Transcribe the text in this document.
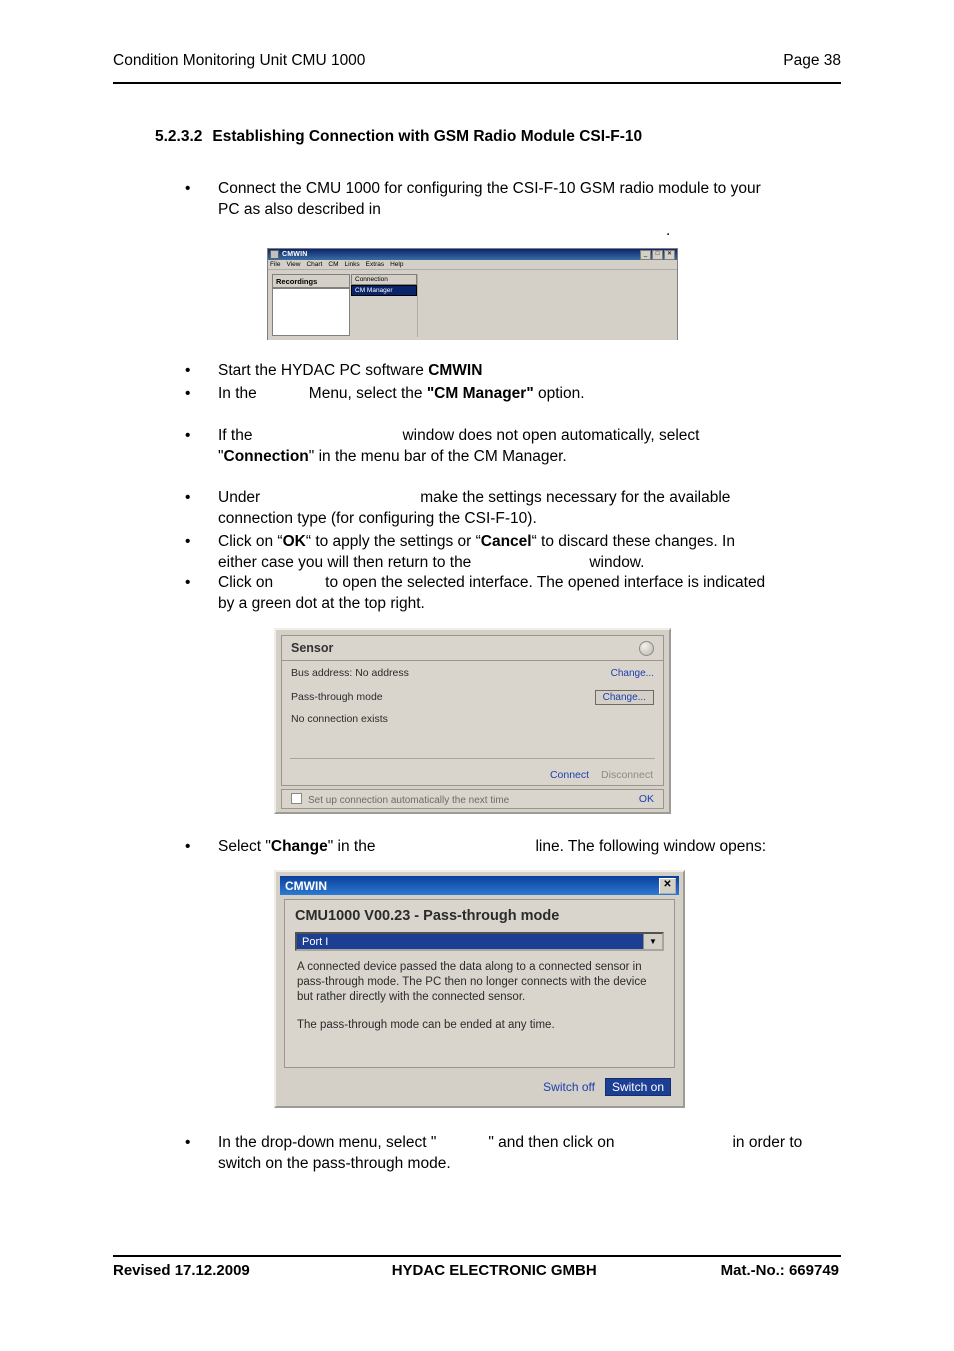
Condition Monitoring Unit CMU 1000	Page 38
5.2.3.2 Establishing Connection with GSM Radio Module CSI-F-10
•	Connect the CMU 1000 for configuring the CSI-F-10 GSM radio module to your
PC as also described in
.
CMWIN	_	□	✕
File View Chart CM Links Extras Help
Recordings	Connection
CM Manager
•	Start the HYDAC PC software CMWIN
•	In the	Menu, select the "CM Manager" option.
•	If the	window does not open automatically, select
"Connection" in the menu bar of the CM Manager.
•	Under	make the settings necessary for the available
connection type (for configuring the CSI-F-10).
•	Click on “OK“ to apply the settings or “Cancel“ to discard these changes. In
either case you will then return to the	window.
•	Click on	to open the selected interface. The opened interface is indicated
by a green dot at the top right.
Sensor
Bus address: No address	Change...
Pass-through mode	Change...
No connection exists
Connect Disconnect
Set up connection automatically the next time	OK
•	Select "Change" in the	line. The following window opens:
CMWIN	✕
CMU1000 V00.23 - Pass-through mode
Port I	▼
A connected device passed the data along to a connected sensor in pass-through mode. The PC then no longer connects with the device but rather directly with the connected sensor.
The pass-through mode can be ended at any time.
Switch off	Switch on
•	In the drop-down menu, select "	" and then click on	in order to
switch on the pass-through mode.
Revised 17.12.2009	HYDAC ELECTRONIC GMBH	Mat.-No.: 669749
